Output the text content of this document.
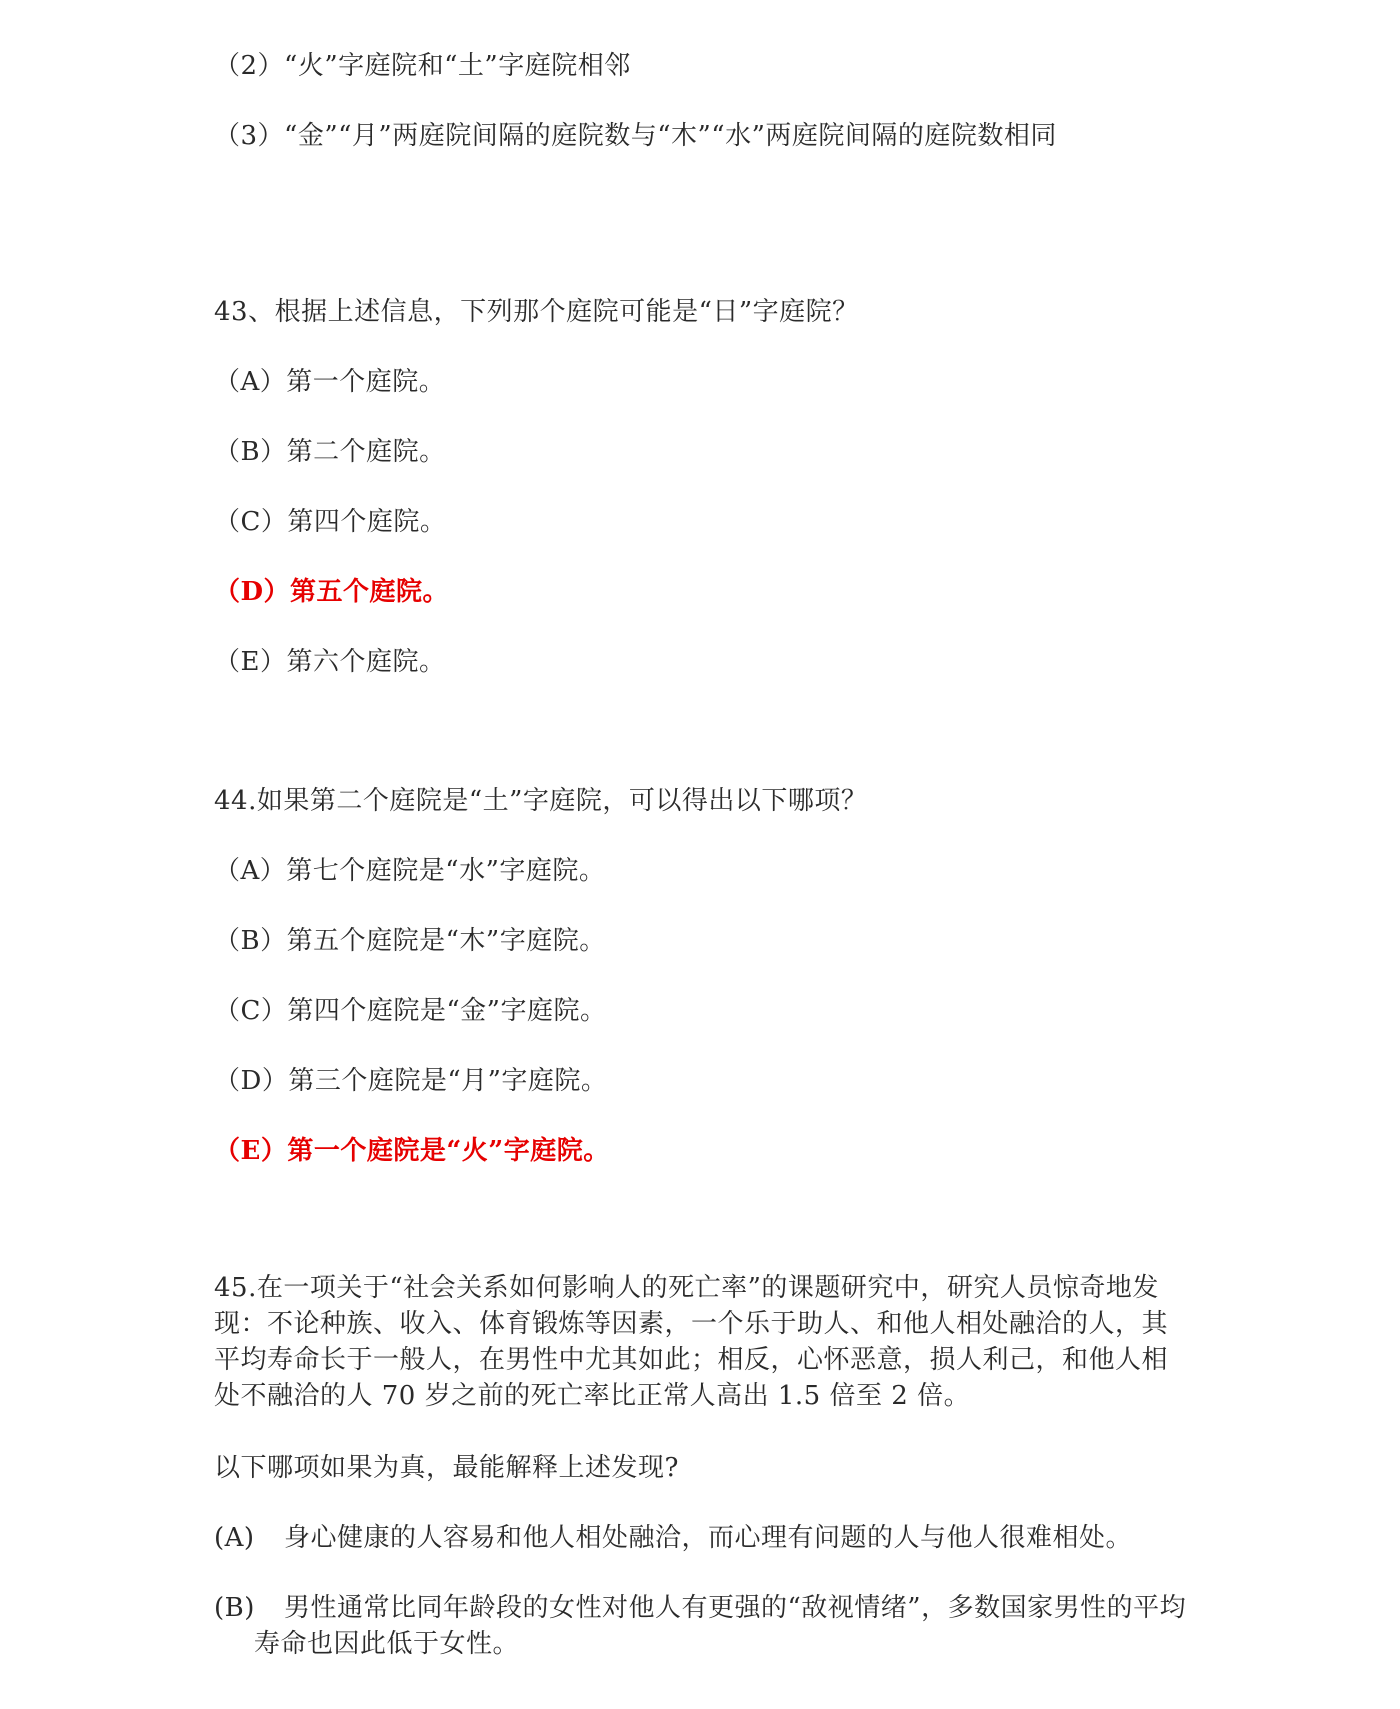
（2）“火”字庭院和“土”字庭院相邻
（3）“金”“月”两庭院间隔的庭院数与“木”“水”两庭院间隔的庭院数相同
43、根据上述信息，下列那个庭院可能是“日”字庭院？
（A）第一个庭院。
（B）第二个庭院。
（C）第四个庭院。
（D）第五个庭院。
（E）第六个庭院。
44.如果第二个庭院是“土”字庭院，可以得出以下哪项？
（A）第七个庭院是“水”字庭院。
（B）第五个庭院是“木”字庭院。
（C）第四个庭院是“金”字庭院。
（D）第三个庭院是“月”字庭院。
（E）第一个庭院是“火”字庭院。
45.在一项关于“社会关系如何影响人的死亡率”的课题研究中，研究人员惊奇地发现：不论种族、收入、体育锻炼等因素，一个乐于助人、和他人相处融洽的人，其平均寿命长于一般人，在男性中尤其如此；相反，心怀恶意，损人利己，和他人相处不融洽的人 70 岁之前的死亡率比正常人高出 1.5 倍至 2 倍。
以下哪项如果为真，最能解释上述发现?
(A) 身心健康的人容易和他人相处融洽，而心理有问题的人与他人很难相处。
(B) 男性通常比同年龄段的女性对他人有更强的“敌视情绪”，多数国家男性的平均寿命也因此低于女性。
